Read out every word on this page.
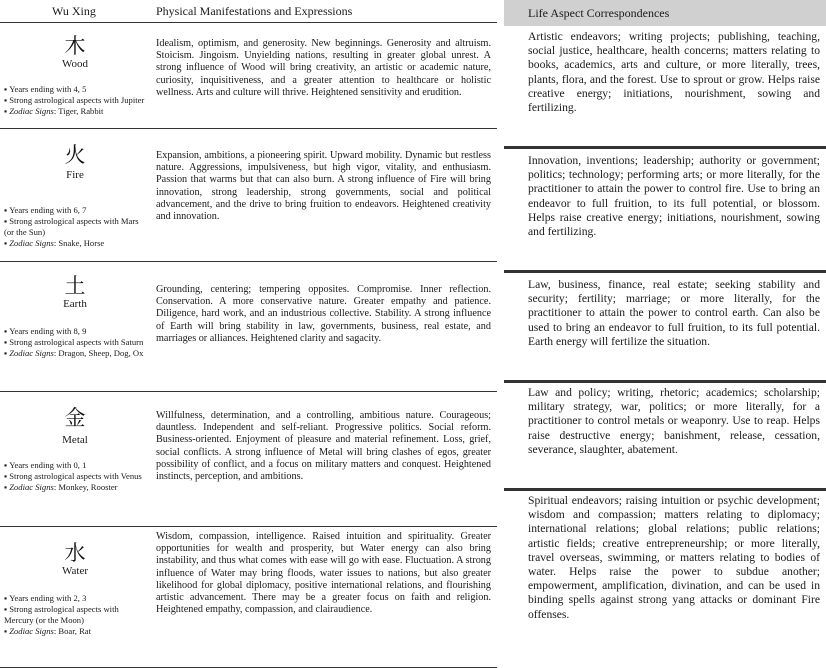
Wu Xing	Physical Manifestations and Expressions
木
Wood
▪ Years ending with 4, 5
▪ Strong astrological aspects with Jupiter
▪ Zodiac Signs: Tiger, Rabbit
Idealism, optimism, and generosity. New beginnings. Generosity and altruism. Stoicism. Jingoism. Unyielding nations, resulting in greater global unrest. A strong influence of Wood will bring creativity, an artistic or academic nature, curiosity, inquisitiveness, and a greater attention to healthcare or holistic wellness. Arts and culture will thrive. Heightened sensitivity and erudition.
火
Fire
▪ Years ending with 6, 7
▪ Strong astrological aspects with Mars (or the Sun)
▪ Zodiac Signs: Snake, Horse
Expansion, ambitions, a pioneering spirit. Upward mobility. Dynamic but restless nature. Aggressions, impulsiveness, but high vigor, vitality, and enthusiasm. Passion that warms but that can also burn. A strong influence of Fire will bring innovation, strong leadership, strong governments, social and political advancement, and the drive to bring fruition to endeavors. Heightened creativity and innovation.
土
Earth
▪ Years ending with 8, 9
▪ Strong astrological aspects with Saturn
▪ Zodiac Signs: Dragon, Sheep, Dog, Ox
Grounding, centering; tempering opposites. Compromise. Inner reflection. Conservation. A more conservative nature. Greater empathy and patience. Diligence, hard work, and an industrious collective. Stability. A strong influence of Earth will bring stability in law, governments, business, real estate, and marriages or alliances. Heightened clarity and sagacity.
金
Metal
▪ Years ending with 0, 1
▪ Strong astrological aspects with Venus
▪ Zodiac Signs: Monkey, Rooster
Willfulness, determination, and a controlling, ambitious nature. Courageous; dauntless. Independent and self-reliant. Progressive politics. Social reform. Business-oriented. Enjoyment of pleasure and material refinement. Loss, grief, social conflicts. A strong influence of Metal will bring clashes of egos, greater possibility of conflict, and a focus on military matters and conquest. Heightened instincts, perception, and ambitions.
水
Water
▪ Years ending with 2, 3
▪ Strong astrological aspects with Mercury (or the Moon)
▪ Zodiac Signs: Boar, Rat
Wisdom, compassion, intelligence. Raised intuition and spirituality. Greater opportunities for wealth and prosperity, but Water energy can also bring instability, and thus what comes with ease will go with ease. Fluctuation. A strong influence of Water may bring floods, water issues to nations, but also greater likelihood for global diplomacy, positive international relations, and flourishing artistic advancement. There may be a greater focus on faith and religion. Heightened empathy, compassion, and clairaudience.
Life Aspect Correspondences
Artistic endeavors; writing projects; publishing, teaching, social justice, healthcare, health concerns; matters relating to books, academics, arts and culture, or more literally, trees, plants, flora, and the forest. Use to sprout or grow. Helps raise creative energy; initiations, nourishment, sowing and fertilizing.
Innovation, inventions; leadership; authority or government; politics; technology; performing arts; or more literally, for the practitioner to attain the power to control fire. Use to bring an endeavor to full fruition, to its full potential, or blossom. Helps raise creative energy; initiations, nourishment, sowing and fertilizing.
Law, business, finance, real estate; seeking stability and security; fertility; marriage; or more literally, for the practitioner to attain the power to control earth. Can also be used to bring an endeavor to full fruition, to its full potential. Earth energy will fertilize the situation.
Law and policy; writing, rhetoric; academics; scholarship; military strategy, war, politics; or more literally, for a practitioner to control metals or weaponry. Use to reap. Helps raise destructive energy; banishment, release, cessation, severance, slaughter, abatement.
Spiritual endeavors; raising intuition or psychic development; wisdom and compassion; matters relating to diplomacy; international relations; global relations; public relations; artistic fields; creative entrepreneurship; or more literally, travel overseas, swimming, or matters relating to bodies of water. Helps raise the power to subdue another; empowerment, amplification, divination, and can be used in binding spells against strong yang attacks or dominant Fire offenses.
